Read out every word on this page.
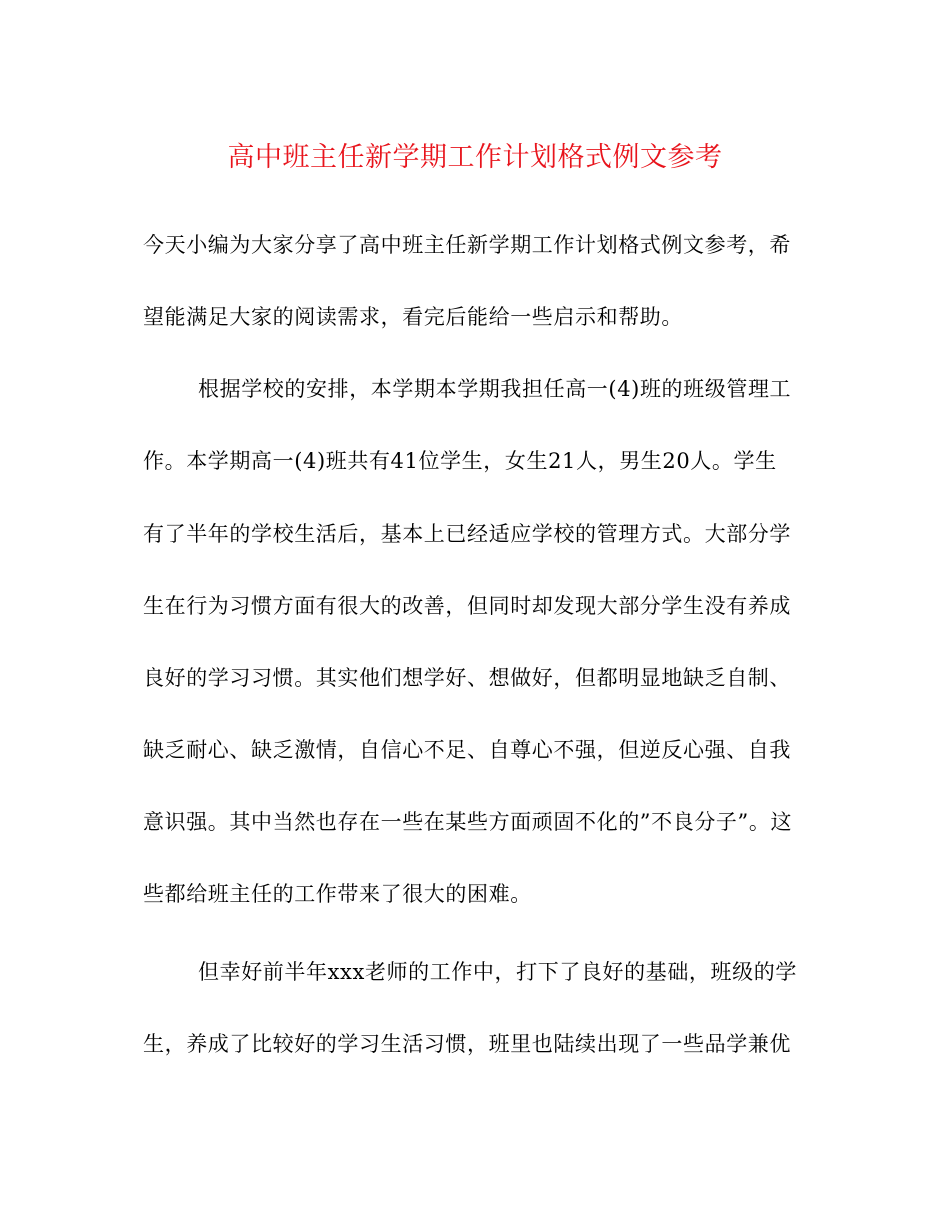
高中班主任新学期工作计划格式例文参考
今天小编为大家分享了高中班主任新学期工作计划格式例文参考，希
望能满足大家的阅读需求，看完后能给一些启示和帮助。
根据学校的安排，本学期本学期我担任高一(4)班的班级管理工
作。本学期高一(4)班共有41位学生，女生21人，男生20人。学生
有了半年的学校生活后，基本上已经适应学校的管理方式。大部分学
生在行为习惯方面有很大的改善，但同时却发现大部分学生没有养成
良好的学习习惯。其实他们想学好、想做好，但都明显地缺乏自制、
缺乏耐心、缺乏激情，自信心不足、自尊心不强，但逆反心强、自我
意识强。其中当然也存在一些在某些方面顽固不化的”不良分子”。这
些都给班主任的工作带来了很大的困难。
但幸好前半年xxx老师的工作中，打下了良好的基础，班级的学
生，养成了比较好的学习生活习惯，班里也陆续出现了一些品学兼优
